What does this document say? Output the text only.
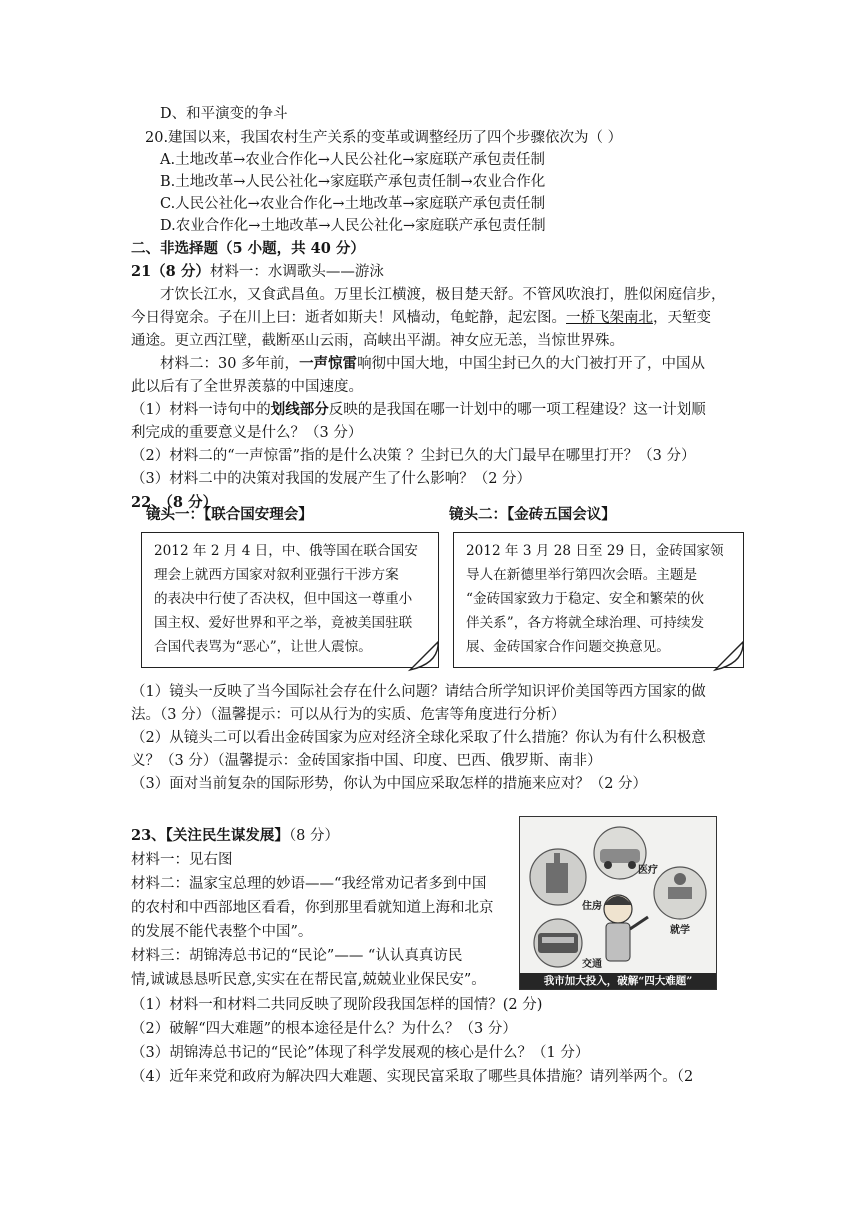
D、和平演变的争斗
20.建国以来，我国农村生产关系的变革或调整经历了四个步骤依次为（ ）
A.土地改革→农业合作化→人民公社化→家庭联产承包责任制
B.土地改革→人民公社化→家庭联产承包责任制→农业合作化
C.人民公社化→农业合作化→土地改革→家庭联产承包责任制
D.农业合作化→土地改革→人民公社化→家庭联产承包责任制
二、非选择题（5 小题，共 40 分）
21（8 分）材料一：水调歌头——游泳
才饮长江水，又食武昌鱼。万里长江横渡，极目楚天舒。不管风吹浪打，胜似闲庭信步，
今日得宽余。子在川上曰：逝者如斯夫！风樯动，龟蛇静，起宏图。一桥飞架南北，天堑变
通途。更立西江壁，截断巫山云雨，高峡出平湖。神女应无恙，当惊世界殊。
材料二：30 多年前，一声惊雷响彻中国大地，中国尘封已久的大门被打开了，中国从
此以后有了全世界羡慕的中国速度。
（1）材料一诗句中的划线部分反映的是我国在哪一计划中的哪一项工程建设？这一计划顺
利完成的重要意义是什么？（3 分）
（2）材料二的“一声惊雷”指的是什么决策 ？尘封已久的大门最早在哪里打开？（3 分）
（3）材料二中的决策对我国的发展产生了什么影响？（2 分）
22、（8 分）
镜头一：【联合国安理会】	镜头二：【金砖五国会议】
2012 年 2 月 4 日，中、俄等国在联合国安
理会上就西方国家对叙利亚强行干涉方案
的表决中行使了否决权，但中国这一尊重小
国主权、爱好世界和平之举，竟被美国驻联
合国代表骂为“恶心”，让世人震惊。
2012 年 3 月 28 日至 29 日，金砖国家领
导人在新德里举行第四次会晤。主题是
“金砖国家致力于稳定、安全和繁荣的伙
伴关系”，各方将就全球治理、可持续发
展、金砖国家合作问题交换意见。
（1）镜头一反映了当今国际社会存在什么问题？请结合所学知识评价美国等西方国家的做
法。（3 分）（温馨提示：可以从行为的实质、危害等角度进行分析）
（2）从镜头二可以看出金砖国家为应对经济全球化采取了什么措施？你认为有什么积极意
义？（3 分）（温馨提示：金砖国家指中国、印度、巴西、俄罗斯、南非）
（3）面对当前复杂的国际形势，你认为中国应采取怎样的措施来应对？（2 分）
23、【关注民生谋发展】（8 分）
材料一：见右图
材料二：温家宝总理的妙语——“我经常劝记者多到中国
的农村和中西部地区看看，你到那里看就知道上海和北京
的发展不能代表整个中国”。
材料三：胡锦涛总书记的“民论”—— “认认真真访民
情,诚诚恳恳听民意,实实在在帮民富,兢兢业业保民安”。
医疗
住房
就学
交通
我市加大投入，破解“四大难题”
（1）材料一和材料二共同反映了现阶段我国怎样的国情？(2 分)
（2）破解“四大难题”的根本途径是什么？为什么？（3 分）
（3）胡锦涛总书记的“民论”体现了科学发展观的核心是什么？（1 分）
（4）近年来党和政府为解决四大难题、实现民富采取了哪些具体措施？请列举两个。（2
